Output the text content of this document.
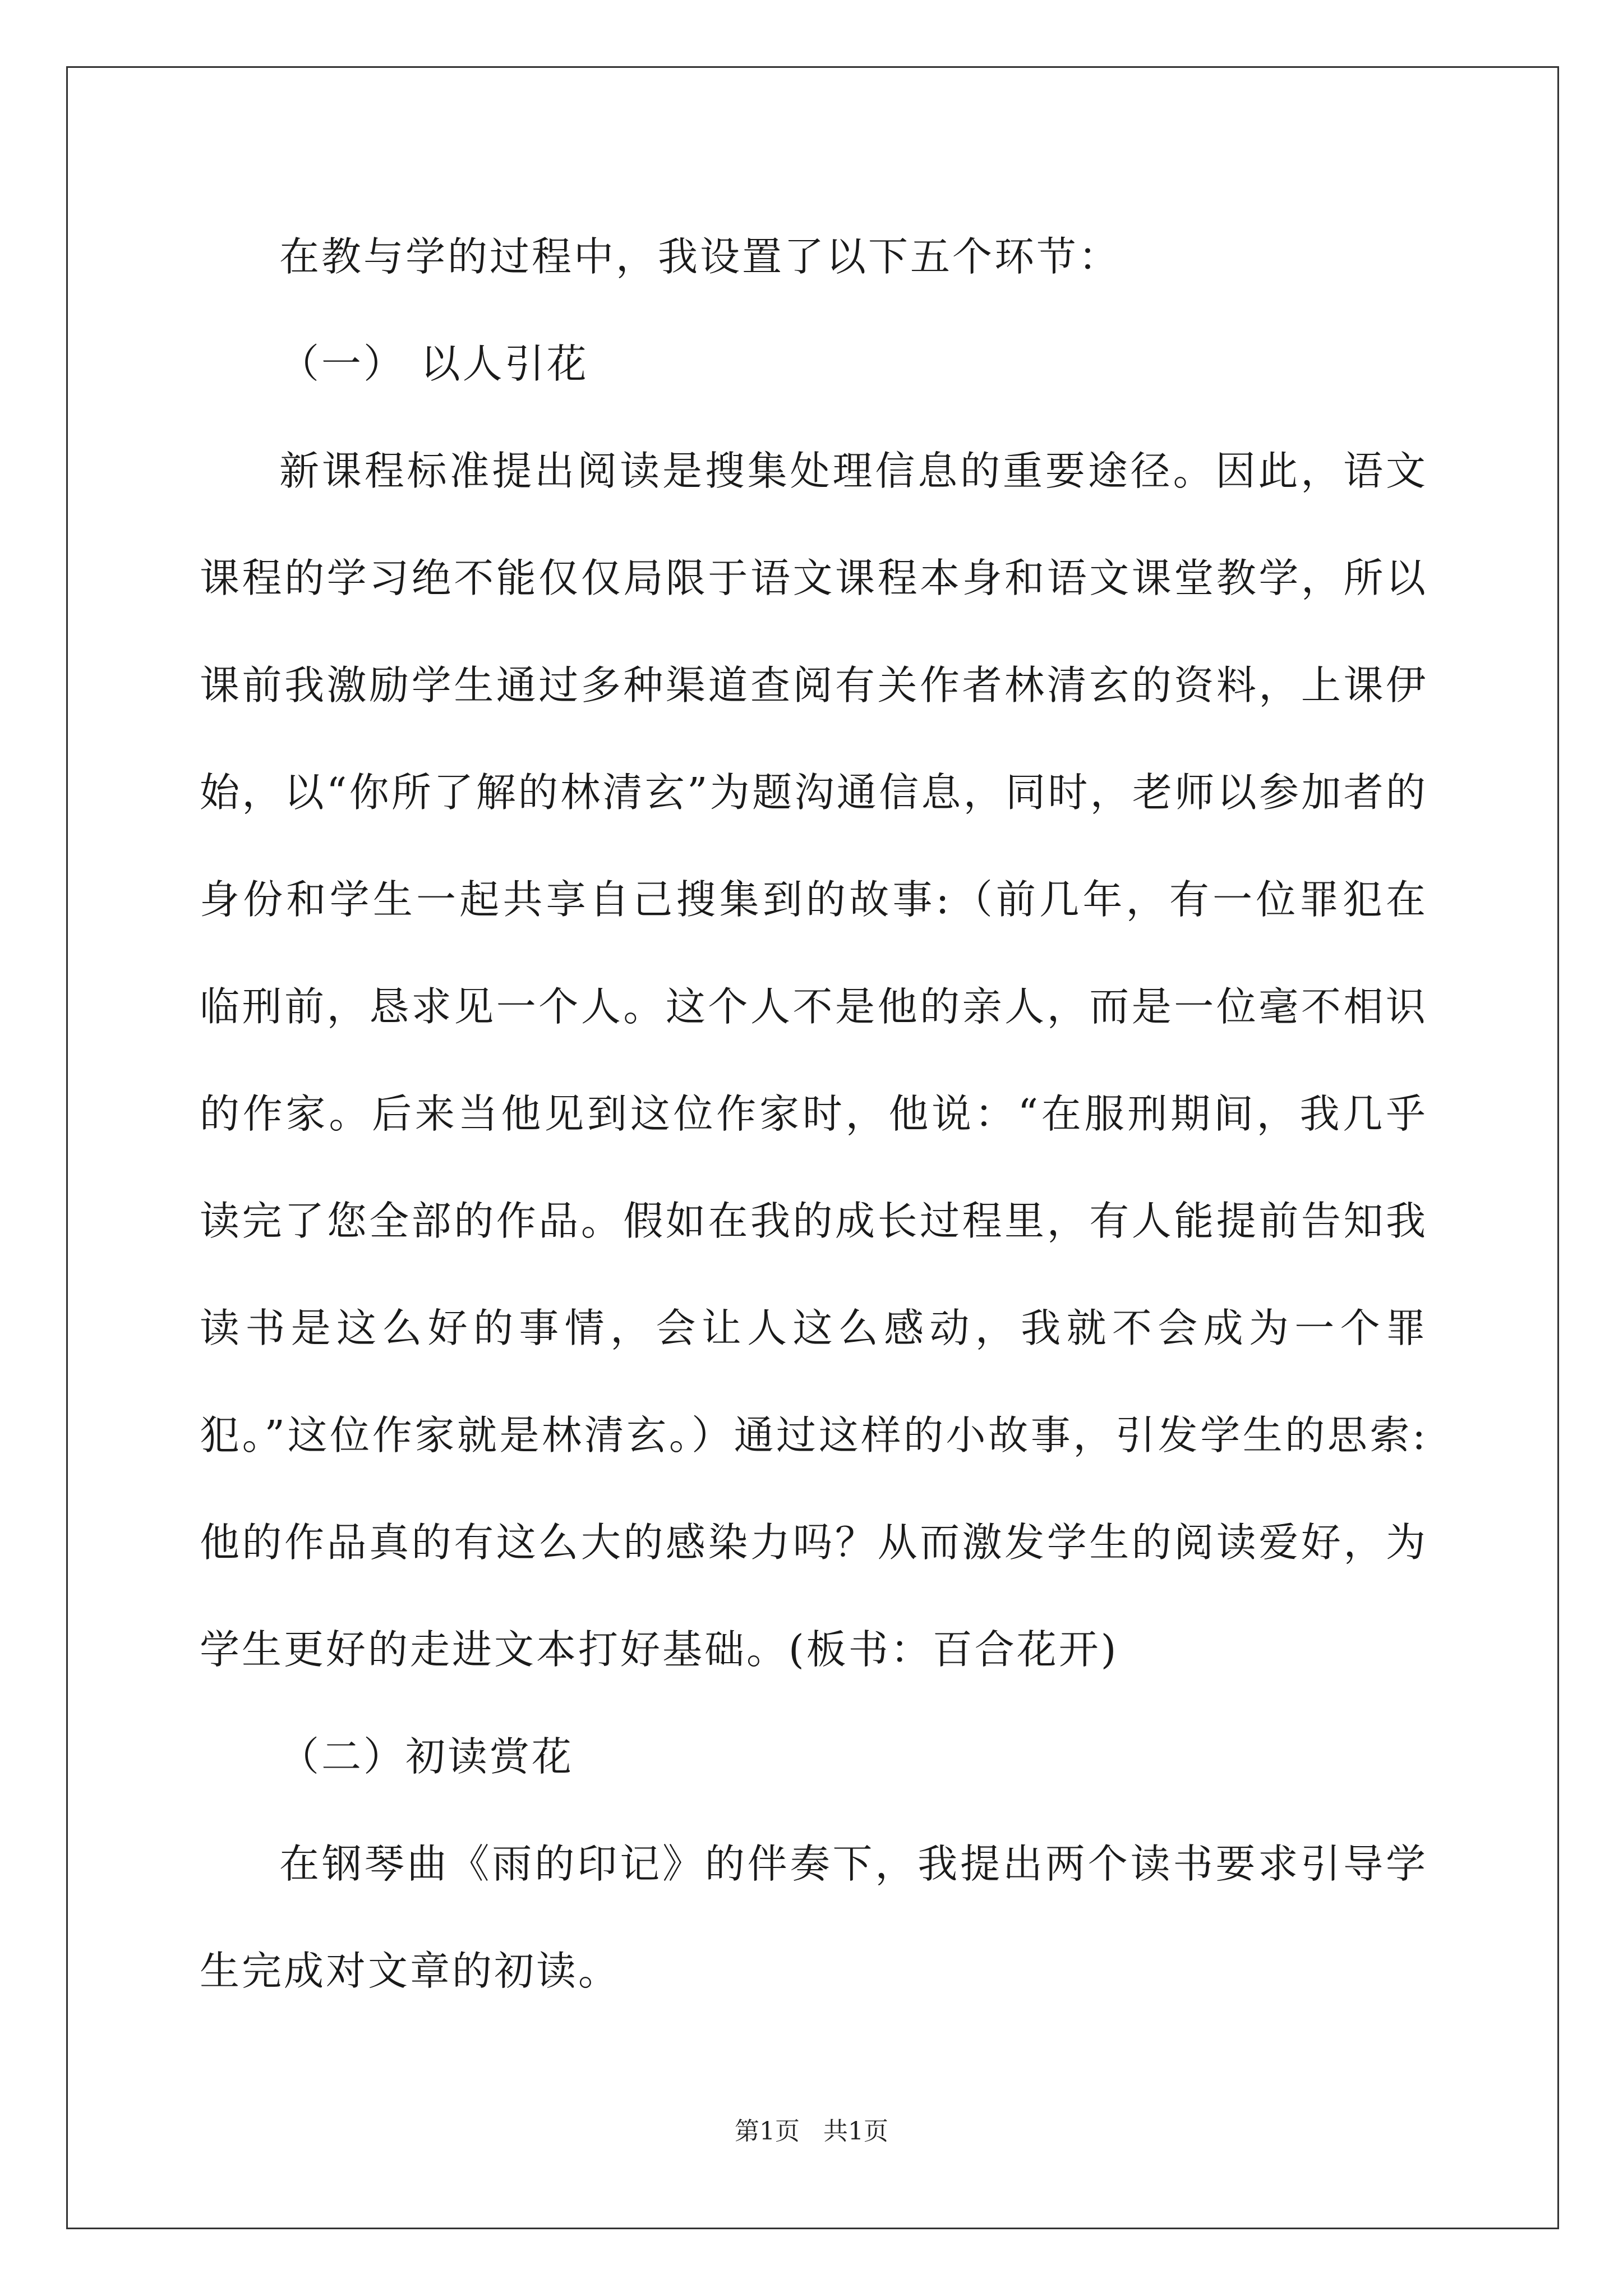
在教与学的过程中，我设置了以下五个环节：

（一） 以人引花

新课程标准提出阅读是搜集处理信息的重要途径。因此，语文课程的学习绝不能仅仅局限于语文课程本身和语文课堂教学，所以课前我激励学生通过多种渠道查阅有关作者林清玄的资料，上课伊始，以“你所了解的林清玄”为题沟通信息，同时，老师以参加者的身份和学生一起共享自己搜集到的故事:（前几年，有一位罪犯在临刑前，恳求见一个人。这个人不是他的亲人，而是一位毫不相识的作家。后来当他见到这位作家时，他说：“在服刑期间，我几乎读完了您全部的作品。假如在我的成长过程里，有人能提前告知我读书是这么好的事情，会让人这么感动，我就不会成为一个罪犯。”这位作家就是林清玄。）通过这样的小故事，引发学生的思索: 他的作品真的有这么大的感染力吗？从而激发学生的阅读爱好，为学生更好的走进文本打好基础。(板书：百合花开)

（二）初读赏花

在钢琴曲《雨的印记》的伴奏下，我提出两个读书要求引导学生完成对文章的初读。

第1页   共1页
